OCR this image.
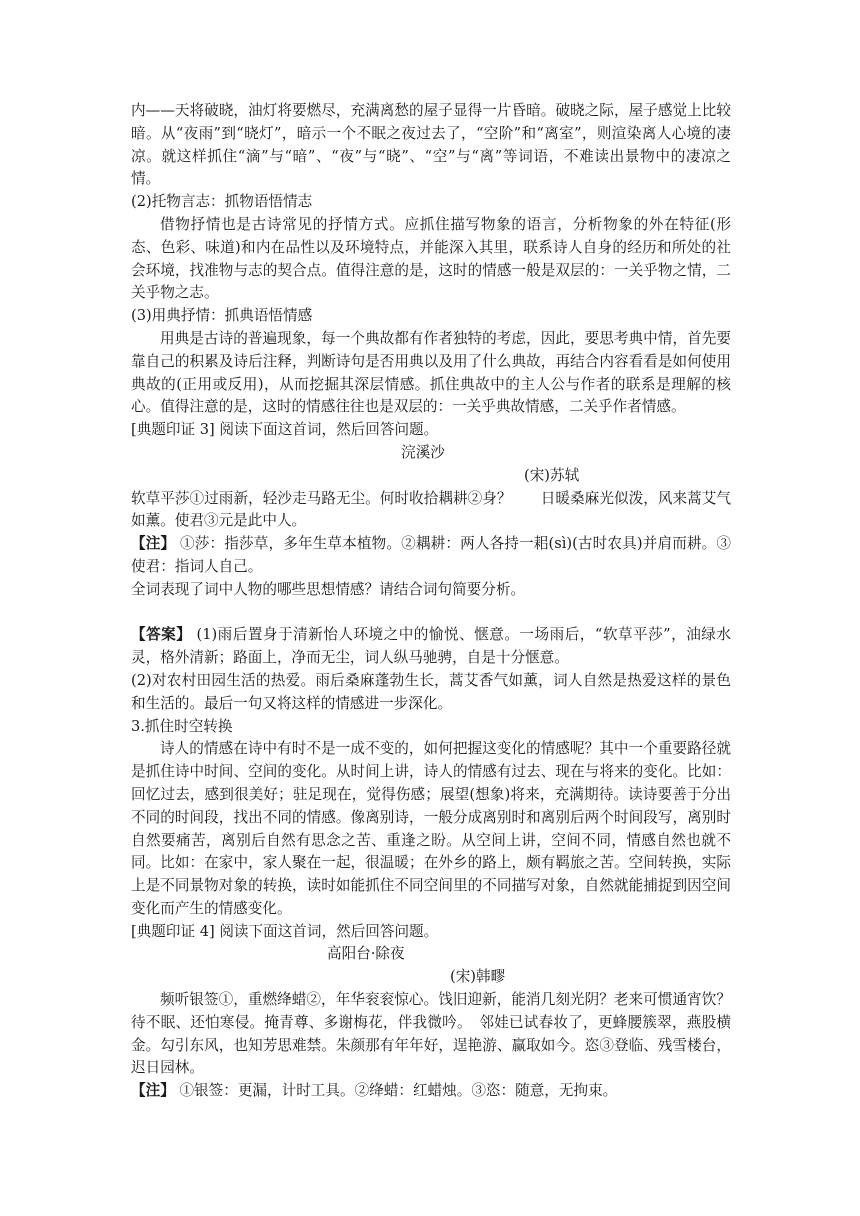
内——天将破晓，油灯将要燃尽，充满离愁的屋子显得一片昏暗。破晓之际，屋子感觉上比较暗。从“夜雨”到“晓灯”，暗示一个不眠之夜过去了，“空阶”和“离室”，则渲染离人心境的凄凉。就这样抓住“滴”与“暗”、“夜”与“晓”、“空”与“离”等词语，不难读出景物中的凄凉之情。

(2)托物言志：抓物语悟情志

借物抒情也是古诗常见的抒情方式。应抓住描写物象的语言，分析物象的外在特征(形态、色彩、味道)和内在品性以及环境特点，并能深入其里，联系诗人自身的经历和所处的社会环境，找准物与志的契合点。值得注意的是，这时的情感一般是双层的：一关乎物之情，二关乎物之志。

(3)用典抒情：抓典语悟情感

用典是古诗的普遍现象，每一个典故都有作者独特的考虑，因此，要思考典中情，首先要靠自己的积累及诗后注释，判断诗句是否用典以及用了什么典故，再结合内容看看是如何使用典故的(正用或反用)，从而挖掘其深层情感。抓住典故中的主人公与作者的联系是理解的核心。值得注意的是，这时的情感往往也是双层的：一关乎典故情感，二关乎作者情感。

[典题印证 3] 阅读下面这首词，然后回答问题。

浣溪沙

(宋)苏轼

软草平莎①过雨新，轻沙走马路无尘。何时收拾耦耕②身？　　日暖桑麻光似泼，风来蒿艾气如薰。使君③元是此中人。

【注】 ①莎：指莎草，多年生草本植物。②耦耕：两人各持一耜(sì)(古时农具)并肩而耕。③使君：指词人自己。

全词表现了词中人物的哪些思想情感？请结合词句简要分析。

【答案】 (1)雨后置身于清新怡人环境之中的愉悦、惬意。一场雨后，“软草平莎”，油绿水灵，格外清新；路面上，净而无尘，词人纵马驰骋，自是十分惬意。

(2)对农村田园生活的热爱。雨后桑麻蓬勃生长，蒿艾香气如薰，词人自然是热爱这样的景色和生活的。最后一句又将这样的情感进一步深化。

3.抓住时空转换

诗人的情感在诗中有时不是一成不变的，如何把握这变化的情感呢？其中一个重要路径就是抓住诗中时间、空间的变化。从时间上讲，诗人的情感有过去、现在与将来的变化。比如：回忆过去，感到很美好；驻足现在，觉得伤感；展望(想象)将来，充满期待。读诗要善于分出不同的时间段，找出不同的情感。像离别诗，一般分成离别时和离别后两个时间段写，离别时自然要痛苦，离别后自然有思念之苦、重逢之盼。从空间上讲，空间不同，情感自然也就不同。比如：在家中，家人聚在一起，很温暖；在外乡的路上，颇有羁旅之苦。空间转换，实际上是不同景物对象的转换，读时如能抓住不同空间里的不同描写对象，自然就能捕捉到因空间变化而产生的情感变化。

[典题印证 4] 阅读下面这首词，然后回答问题。

高阳台·除夜

(宋)韩疁

频听银签①，重燃绛蜡②，年华衮衮惊心。饯旧迎新，能消几刻光阴？老来可惯通宵饮？待不眠、还怕寒侵。掩青尊、多谢梅花，伴我微吟。　邻娃已试春妆了，更蜂腰簇翠，燕股横金。勾引东风，也知芳思难禁。朱颜那有年年好，逞艳游、赢取如今。恣③登临、残雪楼台，迟日园林。

【注】 ①银签：更漏，计时工具。②绛蜡：红蜡烛。③恣：随意，无拘束。
